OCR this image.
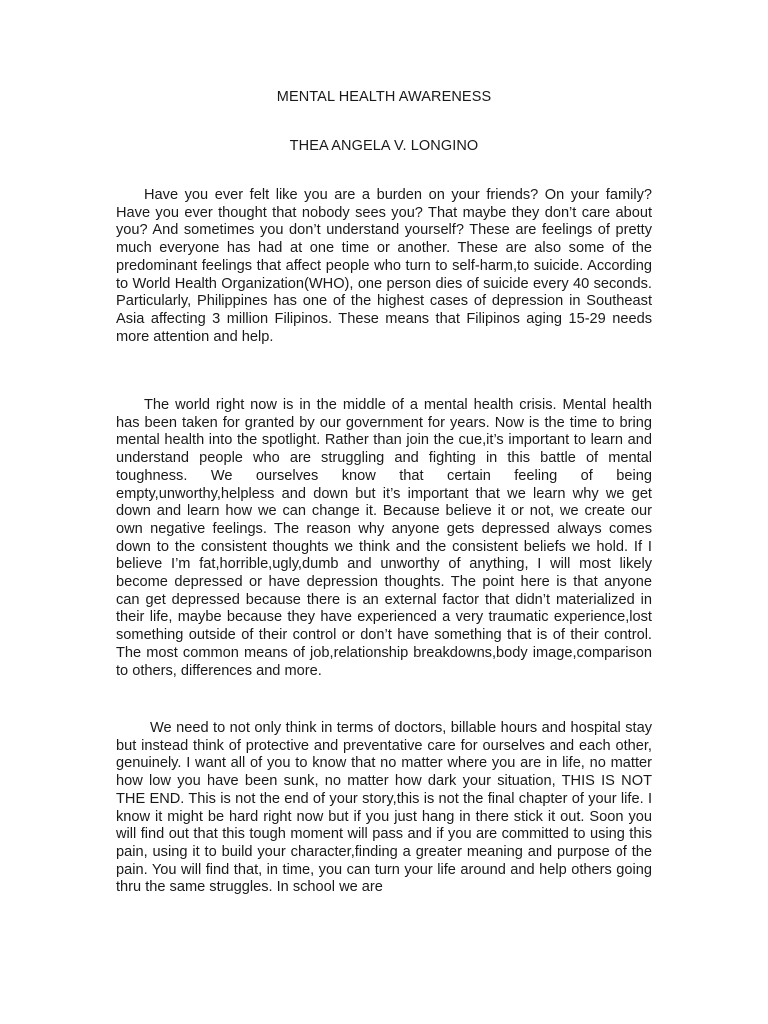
MENTAL HEALTH AWARENESS
THEA ANGELA V. LONGINO

Have you ever felt like you are a burden on your friends? On your family? Have you ever thought that nobody sees you? That maybe they don’t care about you? And sometimes you don’t understand yourself? These are feelings of pretty much everyone has had at one time or another. These are also some of the predominant feelings that affect people who turn to self-harm,to suicide. According to World Health Organization(WHO), one person dies of suicide every 40 seconds. Particularly, Philippines has one of the highest cases of depression in Southeast Asia affecting 3 million Filipinos. These means that Filipinos aging 15-29 needs more attention and help.

The world right now is in the middle of a mental health crisis. Mental health has been taken for granted by our government for years. Now is the time to bring mental health into the spotlight. Rather than join the cue,it’s important to learn and understand people who are struggling and fighting in this battle of mental toughness. We ourselves know that certain feeling of being empty,unworthy,helpless and down but it’s important that we learn why we get down and learn how we can change it. Because believe it or not, we create our own negative feelings. The reason why anyone gets depressed always comes down to the consistent thoughts we think and the consistent beliefs we hold. If I believe I’m fat,horrible,ugly,dumb and unworthy of anything, I will most likely become depressed or have depression thoughts. The point here is that anyone can get depressed because there is an external factor that didn’t materialized in their life, maybe because they have experienced a very traumatic experience,lost something outside of their control or don’t have something that is of their control. The most common means of job,relationship breakdowns,body image,comparison to others, differences and more.

We need to not only think in terms of doctors, billable hours and hospital stay but instead think of protective and preventative care for ourselves and each other, genuinely. I want all of you to know that no matter where you are in life, no matter how low you have been sunk, no matter how dark your situation, THIS IS NOT THE END. This is not the end of your story,this is not the final chapter of your life. I know it might be hard right now but if you just hang in there stick it out. Soon you will find out that this tough moment will pass and if you are committed to using this pain, using it to build your character,finding a greater meaning and purpose of the pain. You will find that, in time, you can turn your life around and help others going thru the same struggles. In school we are
